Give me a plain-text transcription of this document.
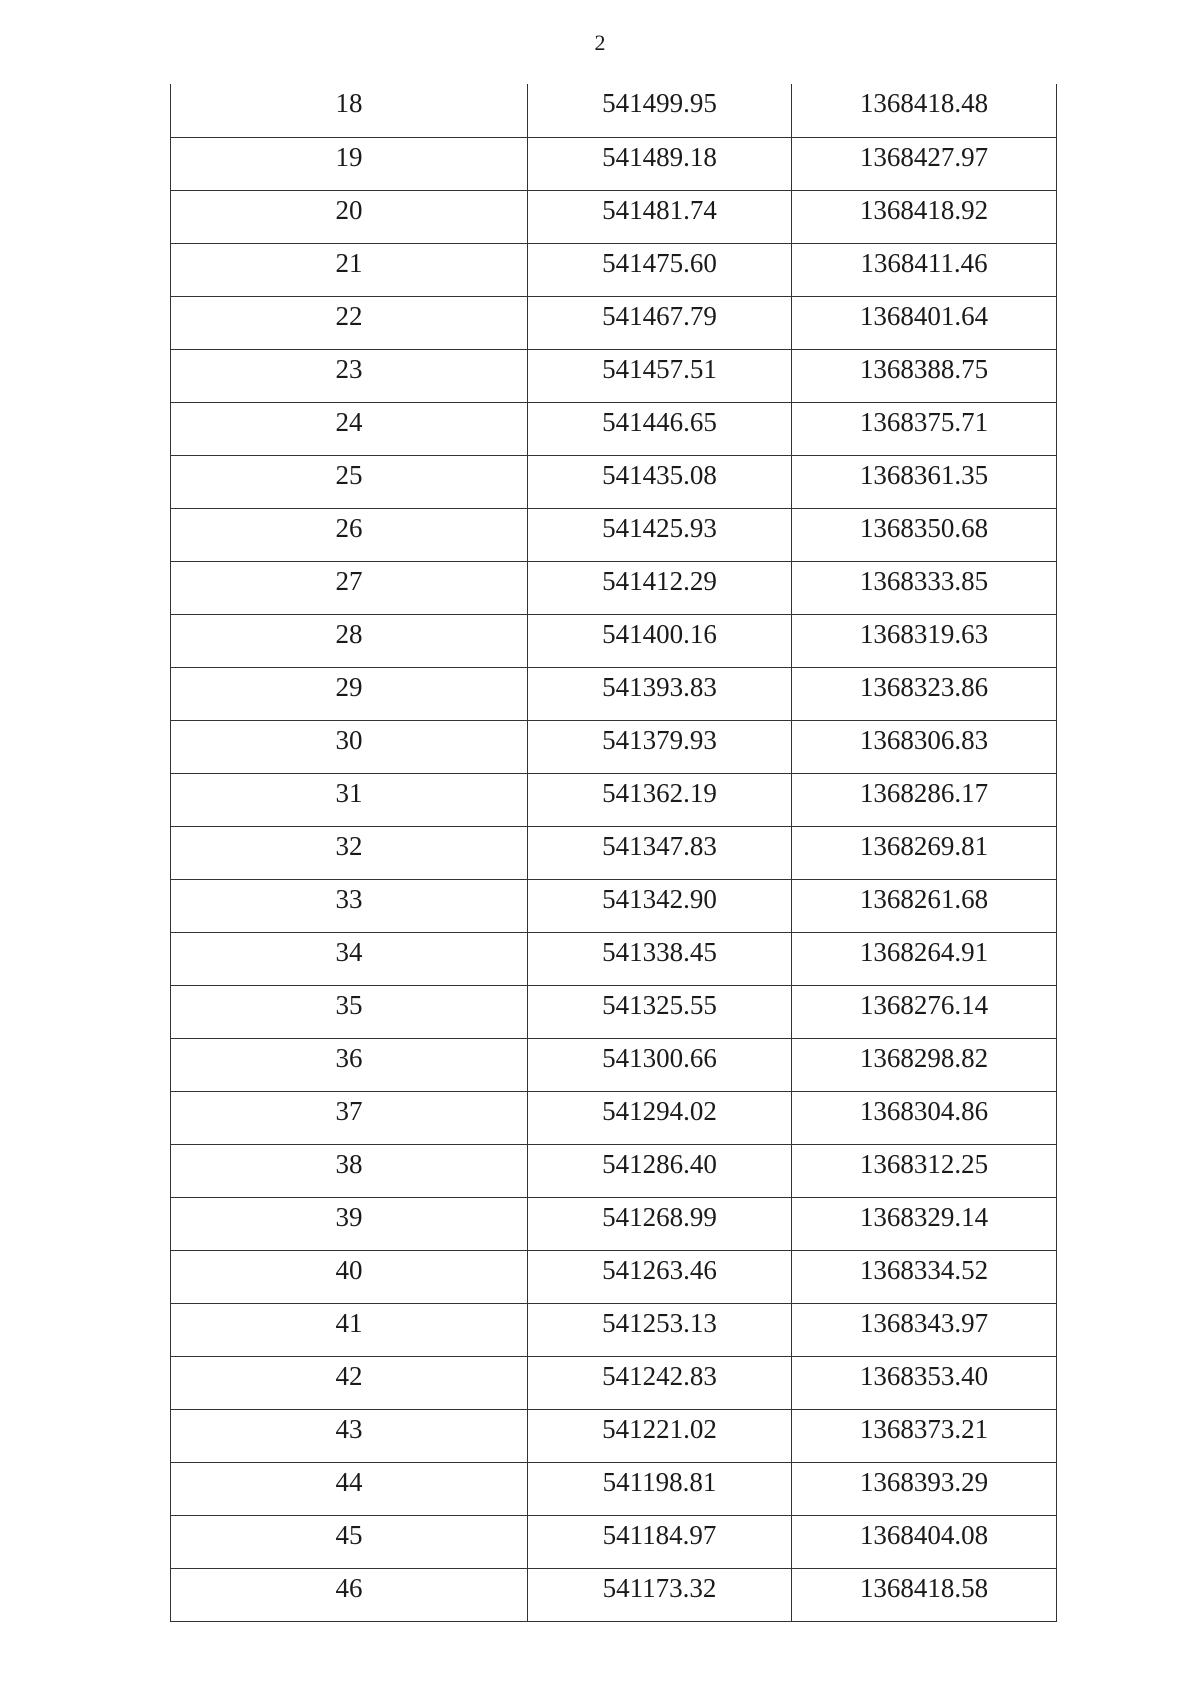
2
18	541499.95	1368418.48
19	541489.18	1368427.97
20	541481.74	1368418.92
21	541475.60	1368411.46
22	541467.79	1368401.64
23	541457.51	1368388.75
24	541446.65	1368375.71
25	541435.08	1368361.35
26	541425.93	1368350.68
27	541412.29	1368333.85
28	541400.16	1368319.63
29	541393.83	1368323.86
30	541379.93	1368306.83
31	541362.19	1368286.17
32	541347.83	1368269.81
33	541342.90	1368261.68
34	541338.45	1368264.91
35	541325.55	1368276.14
36	541300.66	1368298.82
37	541294.02	1368304.86
38	541286.40	1368312.25
39	541268.99	1368329.14
40	541263.46	1368334.52
41	541253.13	1368343.97
42	541242.83	1368353.40
43	541221.02	1368373.21
44	541198.81	1368393.29
45	541184.97	1368404.08
46	541173.32	1368418.58
